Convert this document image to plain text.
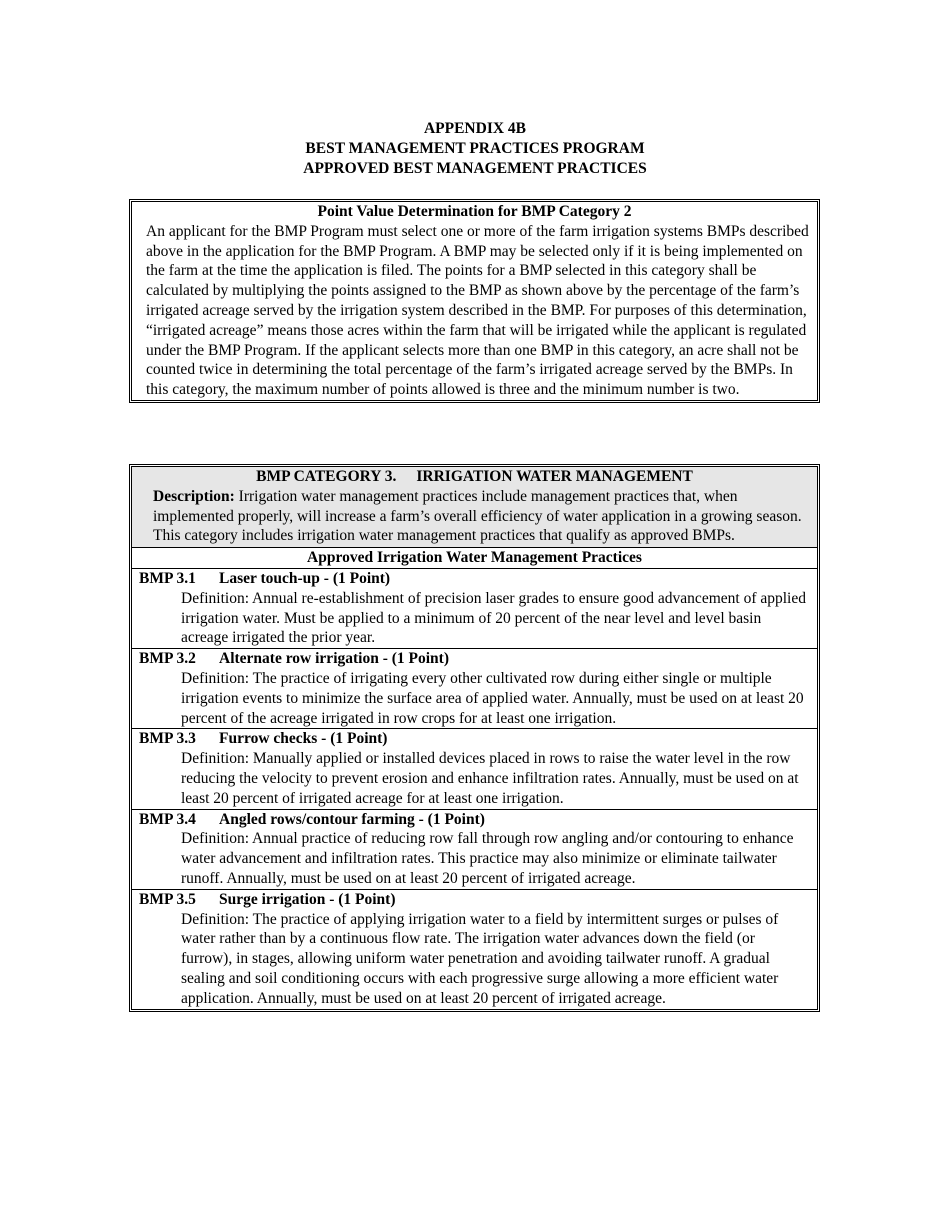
APPENDIX 4B
BEST MANAGEMENT PRACTICES PROGRAM
APPROVED BEST MANAGEMENT PRACTICES
Point Value Determination for BMP Category 2
An applicant for the BMP Program must select one or more of the farm irrigation systems BMPs described above in the application for the BMP Program. A BMP may be selected only if it is being implemented on the farm at the time the application is filed. The points for a BMP selected in this category shall be calculated by multiplying the points assigned to the BMP as shown above by the percentage of the farm’s irrigated acreage served by the irrigation system described in the BMP. For purposes of this determination, “irrigated acreage” means those acres within the farm that will be irrigated while the applicant is regulated under the BMP Program. If the applicant selects more than one BMP in this category, an acre shall not be counted twice in determining the total percentage of the farm’s irrigated acreage served by the BMPs. In this category, the maximum number of points allowed is three and the minimum number is two.
BMP CATEGORY 3. IRRIGATION WATER MANAGEMENT
Description: Irrigation water management practices include management practices that, when implemented properly, will increase a farm’s overall efficiency of water application in a growing season. This category includes irrigation water management practices that qualify as approved BMPs.
Approved Irrigation Water Management Practices
BMP 3.1 Laser touch-up - (1 Point)
Definition: Annual re-establishment of precision laser grades to ensure good advancement of applied irrigation water. Must be applied to a minimum of 20 percent of the near level and level basin acreage irrigated the prior year.
BMP 3.2 Alternate row irrigation - (1 Point)
Definition: The practice of irrigating every other cultivated row during either single or multiple irrigation events to minimize the surface area of applied water. Annually, must be used on at least 20 percent of the acreage irrigated in row crops for at least one irrigation.
BMP 3.3 Furrow checks - (1 Point)
Definition: Manually applied or installed devices placed in rows to raise the water level in the row reducing the velocity to prevent erosion and enhance infiltration rates. Annually, must be used on at least 20 percent of irrigated acreage for at least one irrigation.
BMP 3.4 Angled rows/contour farming - (1 Point)
Definition: Annual practice of reducing row fall through row angling and/or contouring to enhance water advancement and infiltration rates. This practice may also minimize or eliminate tailwater runoff. Annually, must be used on at least 20 percent of irrigated acreage.
BMP 3.5 Surge irrigation - (1 Point)
Definition: The practice of applying irrigation water to a field by intermittent surges or pulses of water rather than by a continuous flow rate. The irrigation water advances down the field (or furrow), in stages, allowing uniform water penetration and avoiding tailwater runoff. A gradual sealing and soil conditioning occurs with each progressive surge allowing a more efficient water application. Annually, must be used on at least 20 percent of irrigated acreage.
